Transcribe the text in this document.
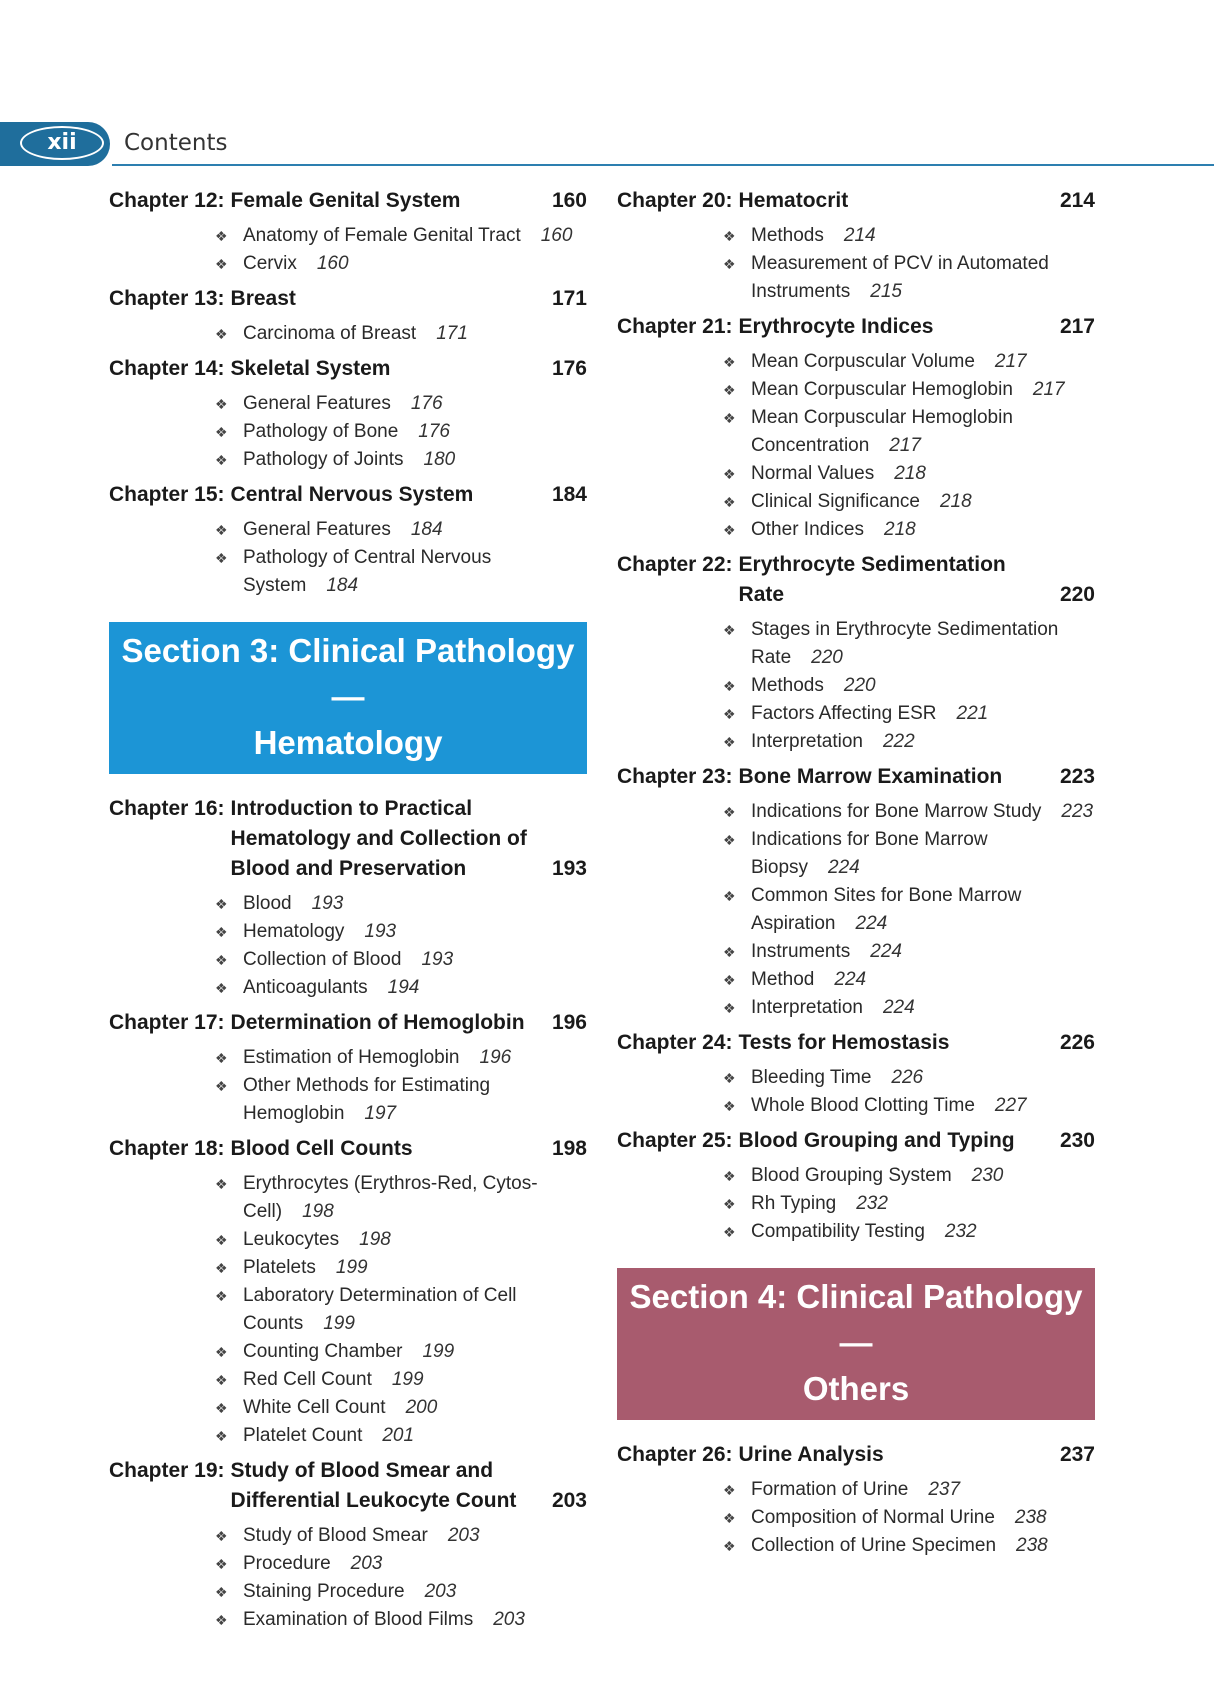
xii	Contents
Chapter 12: Female Genital System	160
❖ Anatomy of Female Genital Tract 160
❖ Cervix 160
Chapter 13: Breast	171
❖ Carcinoma of Breast 171
Chapter 14: Skeletal System	176
❖ General Features 176
❖ Pathology of Bone 176
❖ Pathology of Joints 180
Chapter 15: Central Nervous System	184
❖ General Features 184
❖ Pathology of Central Nervous System 184
Section 3: Clinical Pathology—
Hematology
Chapter 16: Introduction to Practical Hematology and Collection of Blood and Preservation	193
❖ Blood 193
❖ Hematology 193
❖ Collection of Blood 193
❖ Anticoagulants 194
Chapter 17: Determination of Hemoglobin 196
❖ Estimation of Hemoglobin 196
❖ Other Methods for Estimating Hemoglobin 197
Chapter 18: Blood Cell Counts	198
❖ Erythrocytes (Erythros-Red, Cytos-Cell) 198
❖ Leukocytes 198
❖ Platelets 199
❖ Laboratory Determination of Cell Counts 199
❖ Counting Chamber 199
❖ Red Cell Count 199
❖ White Cell Count 200
❖ Platelet Count 201
Chapter 19: Study of Blood Smear and Differential Leukocyte Count	203
❖ Study of Blood Smear 203
❖ Procedure 203
❖ Staining Procedure 203
❖ Examination of Blood Films 203
Chapter 20: Hematocrit	214
❖ Methods 214
❖ Measurement of PCV in Automated Instruments 215
Chapter 21: Erythrocyte Indices	217
❖ Mean Corpuscular Volume 217
❖ Mean Corpuscular Hemoglobin 217
❖ Mean Corpuscular Hemoglobin Concentration 217
❖ Normal Values 218
❖ Clinical Significance 218
❖ Other Indices 218
Chapter 22: Erythrocyte Sedimentation Rate	220
❖ Stages in Erythrocyte Sedimentation Rate 220
❖ Methods 220
❖ Factors Affecting ESR 221
❖ Interpretation 222
Chapter 23: Bone Marrow Examination	223
❖ Indications for Bone Marrow Study 223
❖ Indications for Bone Marrow Biopsy 224
❖ Common Sites for Bone Marrow Aspiration 224
❖ Instruments 224
❖ Method 224
❖ Interpretation 224
Chapter 24: Tests for Hemostasis	226
❖ Bleeding Time 226
❖ Whole Blood Clotting Time 227
Chapter 25: Blood Grouping and Typing 230
❖ Blood Grouping System 230
❖ Rh Typing 232
❖ Compatibility Testing 232
Section 4: Clinical Pathology—
Others
Chapter 26: Urine Analysis	237
❖ Formation of Urine 237
❖ Composition of Normal Urine 238
❖ Collection of Urine Specimen 238
